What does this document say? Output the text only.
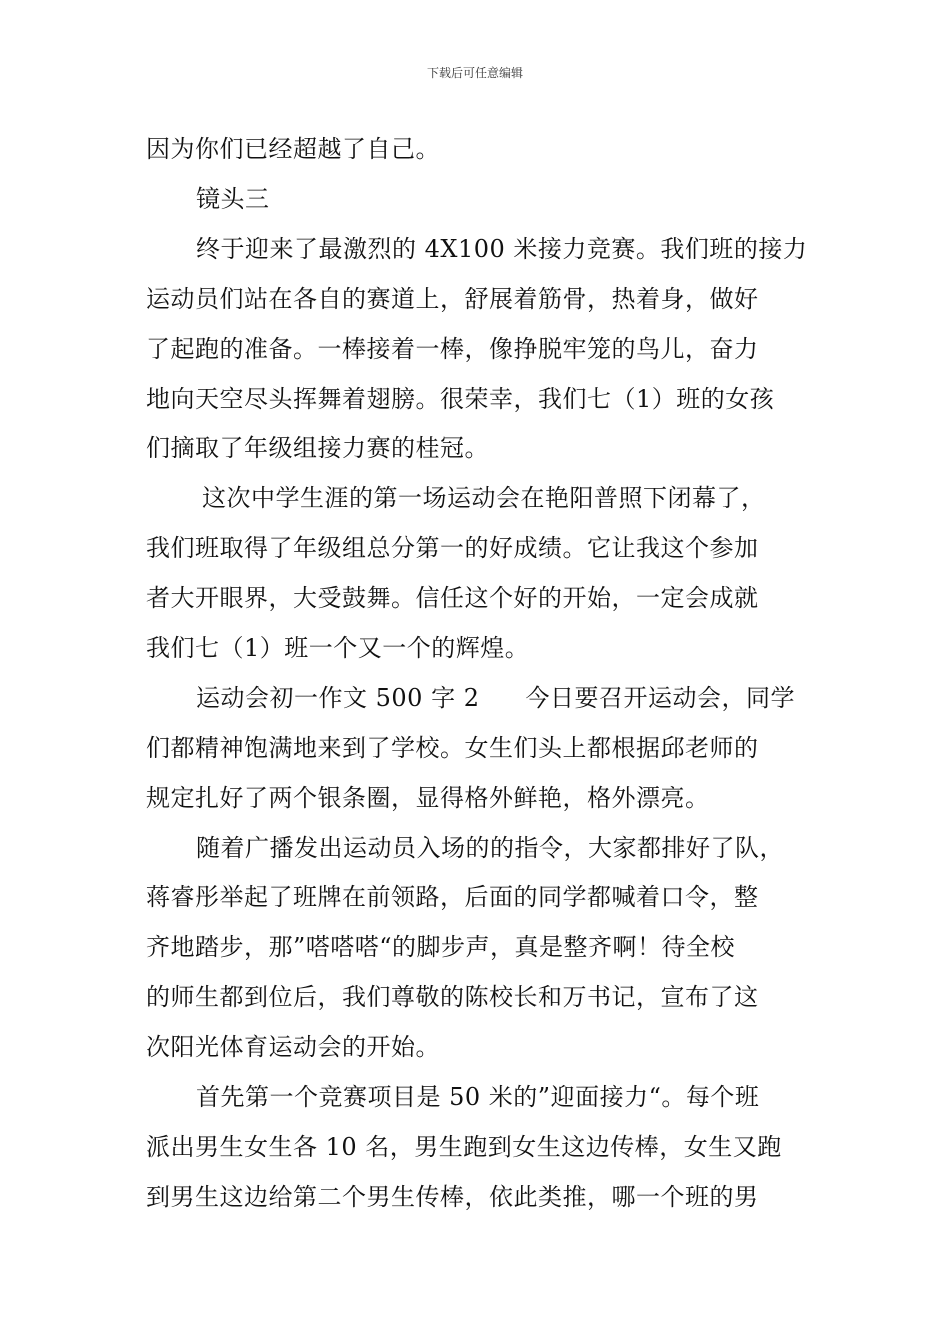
下载后可任意编辑
因为你们已经超越了自己。
镜头三
终于迎来了最激烈的 4X100 米接力竞赛。我们班的接力
运动员们站在各自的赛道上，舒展着筋骨，热着身，做好
了起跑的准备。一棒接着一棒，像挣脱牢笼的鸟儿，奋力
地向天空尽头挥舞着翅膀。很荣幸，我们七（1）班的女孩
们摘取了年级组接力赛的桂冠。
这次中学生涯的第一场运动会在艳阳普照下闭幕了，
我们班取得了年级组总分第一的好成绩。它让我这个参加
者大开眼界，大受鼓舞。信任这个好的开始，一定会成就
我们七（1）班一个又一个的辉煌。
运动会初一作文 500 字 2 今日要召开运动会，同学
们都精神饱满地来到了学校。女生们头上都根据邱老师的
规定扎好了两个银条圈，显得格外鲜艳，格外漂亮。
随着广播发出运动员入场的的指令，大家都排好了队，
蒋睿彤举起了班牌在前领路，后面的同学都喊着口令，整
齐地踏步，那”嗒嗒嗒“的脚步声，真是整齐啊！待全校
的师生都到位后，我们尊敬的陈校长和万书记，宣布了这
次阳光体育运动会的开始。
首先第一个竞赛项目是 50 米的”迎面接力“。每个班
派出男生女生各 10 名，男生跑到女生这边传棒，女生又跑
到男生这边给第二个男生传棒，依此类推，哪一个班的男
